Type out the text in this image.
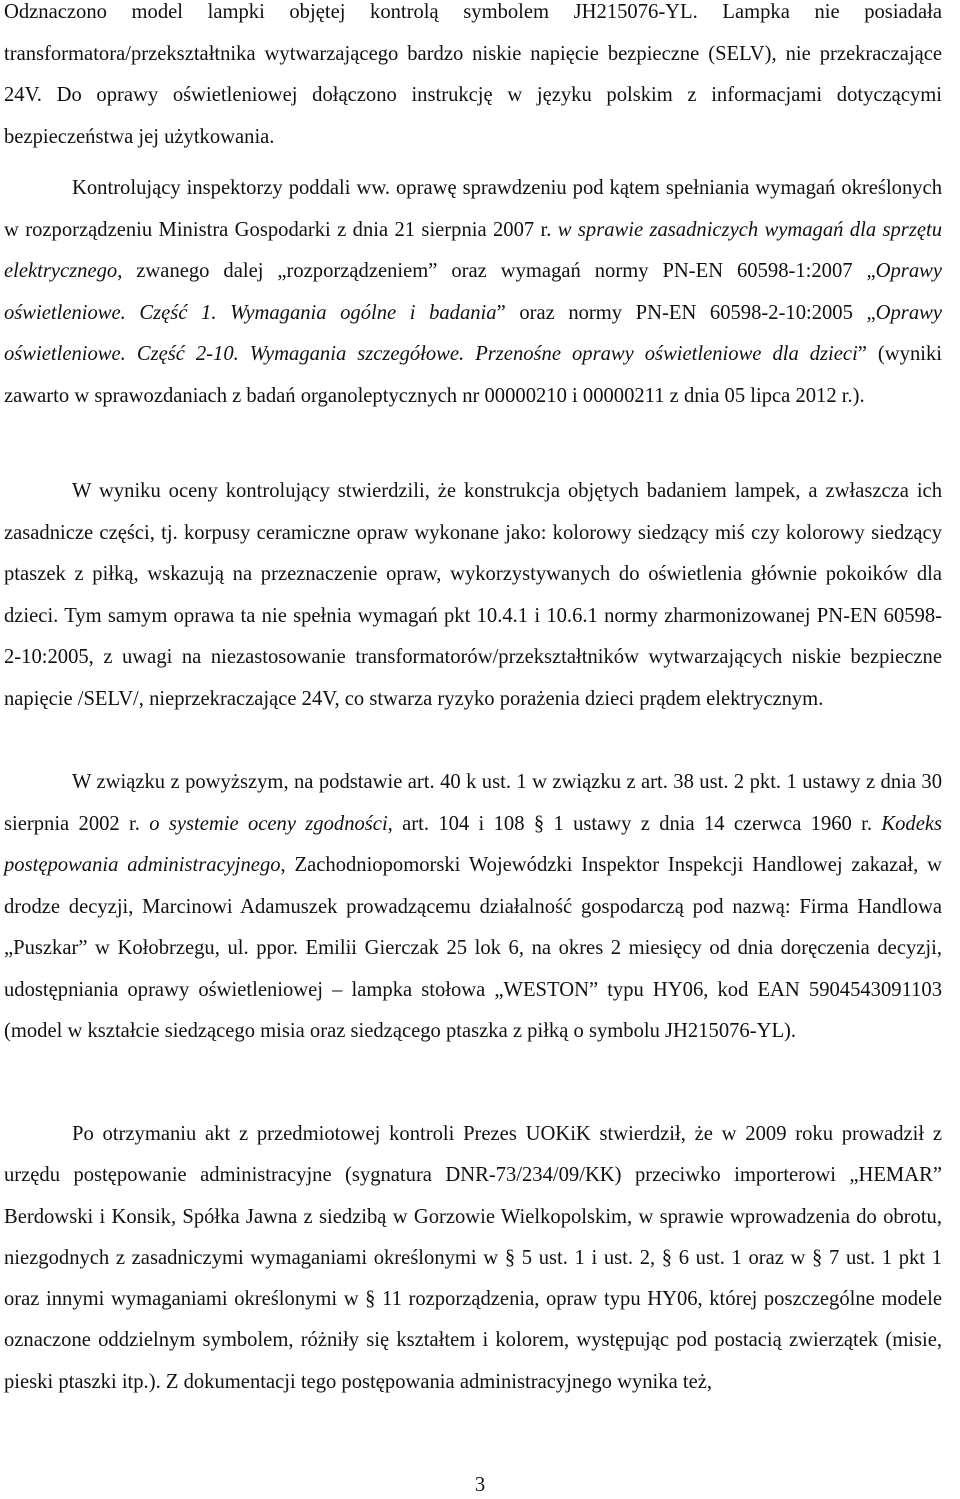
Odznaczono model lampki objętej kontrolą symbolem JH215076-YL. Lampka nie posiadała transformatora/przekształtnika wytwarzającego bardzo niskie napięcie bezpieczne (SELV), nie przekraczające 24V. Do oprawy oświetleniowej dołączono instrukcję w języku polskim z informacjami dotyczącymi bezpieczeństwa jej użytkowania.

Kontrolujący inspektorzy poddali ww. oprawę sprawdzeniu pod kątem spełniania wymagań określonych w rozporządzeniu Ministra Gospodarki z dnia 21 sierpnia 2007 r. w sprawie zasadniczych wymagań dla sprzętu elektrycznego, zwanego dalej „rozporządzeniem” oraz wymagań normy PN-EN 60598-1:2007 „Oprawy oświetleniowe. Część 1. Wymagania ogólne i badania” oraz normy PN-EN 60598-2-10:2005 „Oprawy oświetleniowe. Część 2-10. Wymagania szczegółowe. Przenośne oprawy oświetleniowe dla dzieci” (wyniki zawarto w sprawozdaniach z badań organoleptycznych nr 00000210 i 00000211 z dnia 05 lipca 2012 r.).

W wyniku oceny kontrolujący stwierdzili, że konstrukcja objętych badaniem lampek, a zwłaszcza ich zasadnicze części, tj. korpusy ceramiczne opraw wykonane jako: kolorowy siedzący miś czy kolorowy siedzący ptaszek z piłką, wskazują na przeznaczenie opraw, wykorzystywanych do oświetlenia głównie pokoików dla dzieci. Tym samym oprawa ta nie spełnia wymagań pkt 10.4.1 i 10.6.1 normy zharmonizowanej PN-EN 60598-2-10:2005, z uwagi na niezastosowanie transformatorów/przekształtników wytwarzających niskie bezpieczne napięcie /SELV/, nieprzekraczające 24V, co stwarza ryzyko porażenia dzieci prądem elektrycznym.

W związku z powyższym, na podstawie art. 40 k ust. 1 w związku z art. 38 ust. 2 pkt. 1 ustawy z dnia 30 sierpnia 2002 r. o systemie oceny zgodności, art. 104 i 108 § 1 ustawy z dnia 14 czerwca 1960 r. Kodeks postępowania administracyjnego, Zachodniopomorski Wojewódzki Inspektor Inspekcji Handlowej zakazał, w drodze decyzji, Marcinowi Adamuszek prowadzącemu działalność gospodarczą pod nazwą: Firma Handlowa „Puszkar” w Kołobrzegu, ul. ppor. Emilii Gierczak 25 lok 6, na okres 2 miesięcy od dnia doręczenia decyzji, udostępniania oprawy oświetleniowej – lampka stołowa „WESTON” typu HY06, kod EAN 5904543091103 (model w kształcie siedzącego misia oraz siedzącego ptaszka z piłką o symbolu JH215076-YL).

Po otrzymaniu akt z przedmiotowej kontroli Prezes UOKiK stwierdził, że w 2009 roku prowadził z urzędu postępowanie administracyjne (sygnatura DNR-73/234/09/KK) przeciwko importerowi „HEMAR” Berdowski i Konsik, Spółka Jawna z siedzibą w Gorzowie Wielkopolskim, w sprawie wprowadzenia do obrotu, niezgodnych z zasadniczymi wymaganiami określonymi w § 5 ust. 1 i ust. 2, § 6 ust. 1 oraz w § 7 ust. 1 pkt 1 oraz innymi wymaganiami określonymi w § 11 rozporządzenia, opraw typu HY06, której poszczególne modele oznaczone oddzielnym symbolem, różniły się kształtem i kolorem, występując pod postacią zwierzątek (misie, pieski ptaszki itp.). Z dokumentacji tego postępowania administracyjnego wynika też,

3
